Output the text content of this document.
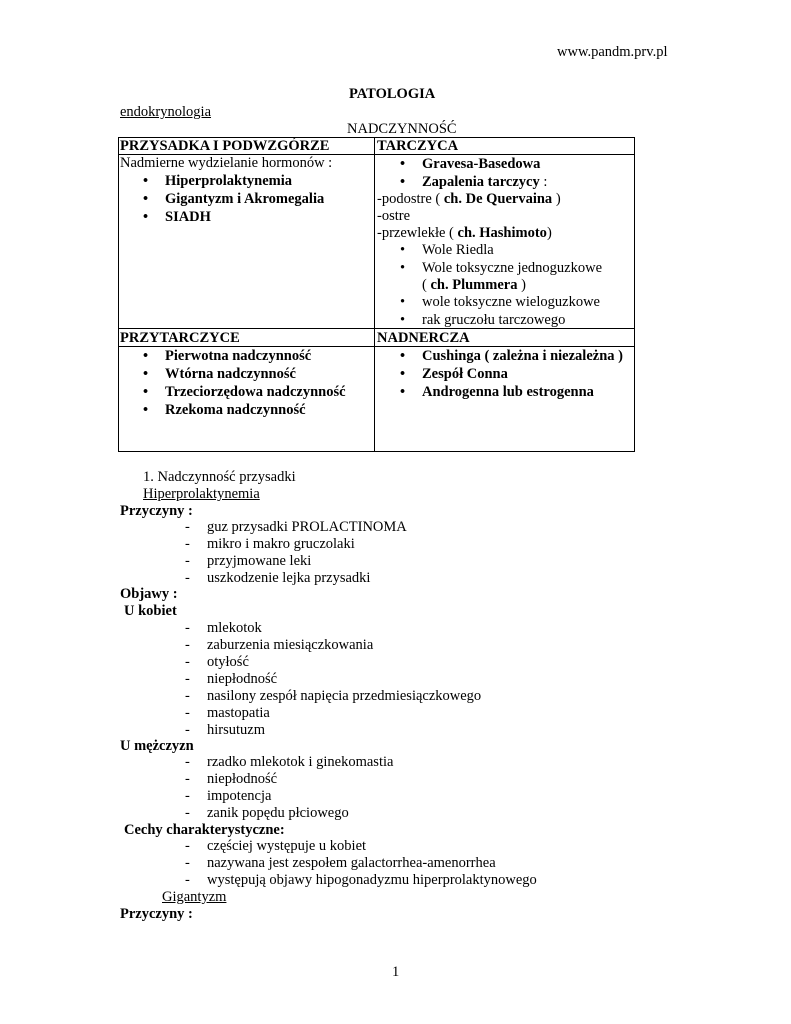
www.pandm.prv.pl
PATOLOGIA
endokrynologia
NADCZYNNOŚĆ
PRZYSADKA I PODWZGÓRZE
Nadmierne wydzielanie hormonów :
• Hiperprolaktynemia
• Gigantyzm i Akromegalia
• SIADH
TARCZYCA
• Gravesa-Basedowa
• Zapalenia tarczycy :
-podostre ( ch. De Quervaina )
-ostre
-przewlekłe ( ch. Hashimoto)
• Wole Riedla
• Wole toksyczne jednoguzkowe
( ch. Plummera )
• wole toksyczne wieloguzkowe
• rak gruczołu tarczowego
PRZYTARCZYCE
• Pierwotna nadczynność
• Wtórna nadczynność
• Trzeciorzędowa nadczynność
• Rzekoma nadczynność
NADNERCZA
• Cushinga ( zależna i niezależna )
• Zespół Conna
• Androgenna lub estrogenna
1. Nadczynność przysadki
Hiperprolaktynemia
Przyczyny :
- guz przysadki PROLACTINOMA
- mikro i makro gruczolaki
- przyjmowane leki
- uszkodzenie lejka przysadki
Objawy :
U kobiet
- mlekotok
- zaburzenia miesiączkowania
- otyłość
- niepłodność
- nasilony zespół napięcia przedmiesiączkowego
- mastopatia
- hirsutuzm
U mężczyzn
- rzadko mlekotok i ginekomastia
- niepłodność
- impotencja
- zanik popędu płciowego
Cechy charakterystyczne:
- częściej występuje u kobiet
- nazywana jest zespołem galactorrhea-amenorrhea
- występują objawy hipogonadyzmu hiperprolaktynowego
Gigantyzm
Przyczyny :
1
